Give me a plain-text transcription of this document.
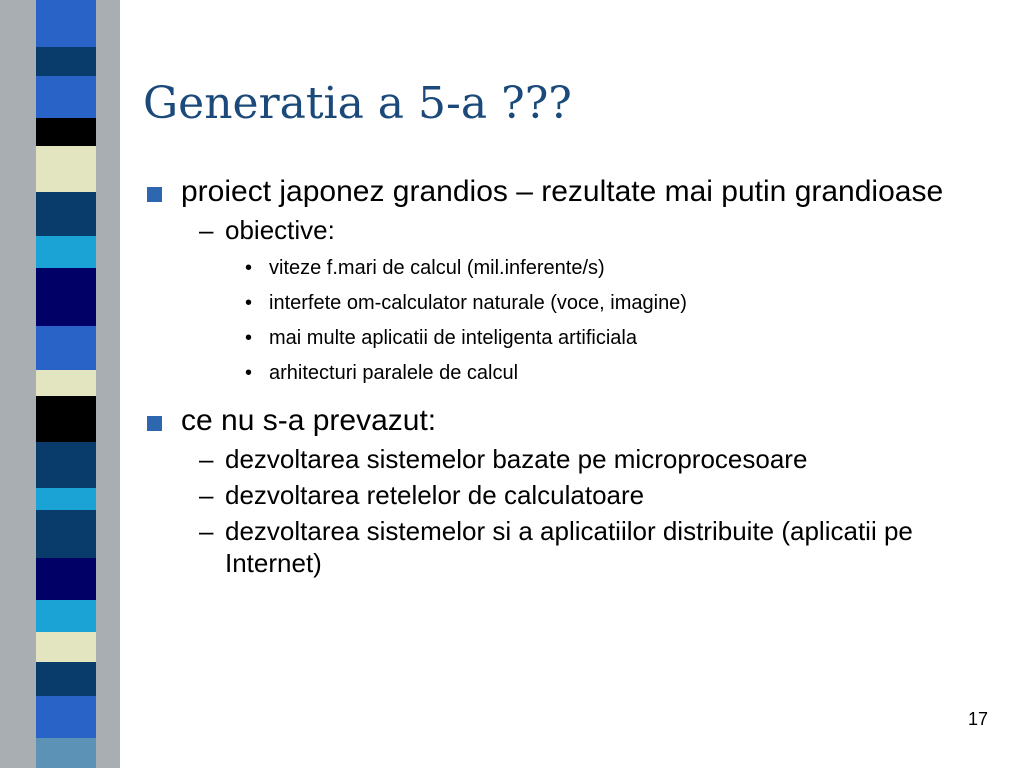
Generatia a 5-a ???
proiect japonez grandios – rezultate mai putin grandioase
– obiective:
• viteze f.mari de calcul (mil.inferente/s)
• interfete om-calculator naturale (voce, imagine)
• mai multe aplicatii de inteligenta artificiala
• arhitecturi paralele de calcul
ce nu s-a prevazut:
– dezvoltarea sistemelor bazate pe microprocesoare
– dezvoltarea retelelor de calculatoare
– dezvoltarea sistemelor si a aplicatiilor distribuite (aplicatii pe Internet)
17
